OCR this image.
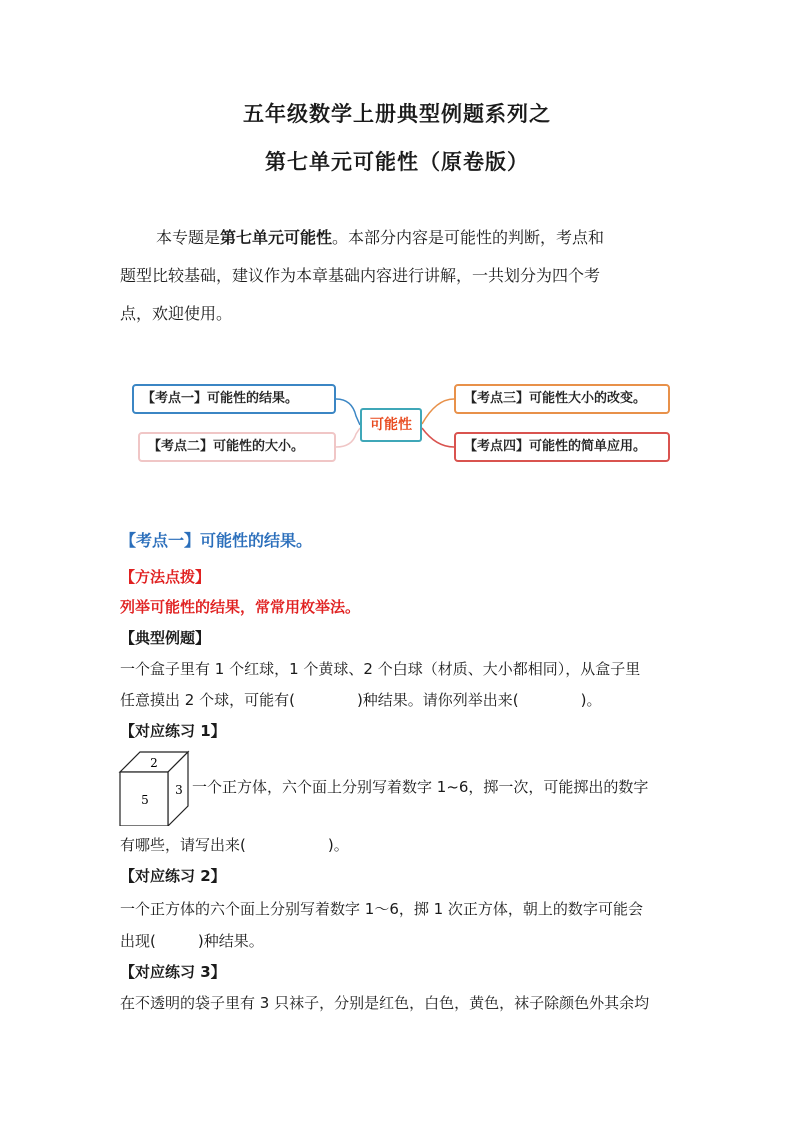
五年级数学上册典型例题系列之
第七单元可能性（原卷版）
本专题是第七单元可能性。本部分内容是可能性的判断，考点和
题型比较基础，建议作为本章基础内容进行讲解，一共划分为四个考
点，欢迎使用。
【考点一】可能性的结果。
【考点二】可能性的大小。
可能性
【考点三】可能性大小的改变。
【考点四】可能性的简单应用。
【考点一】可能性的结果。
【方法点拨】
列举可能性的结果，常常用枚举法。
【典型例题】
一个盒子里有 1 个红球，1 个黄球、2 个白球（材质、大小都相同），从盒子里
任意摸出 2 个球，可能有(	)种结果。请你列举出来(	)。
【对应练习 1】
2
5
3 一个正方体，六个面上分别写着数字 1~6，掷一次，可能掷出的数字
有哪些，请写出来(	)。
【对应练习 2】
一个正方体的六个面上分别写着数字 1～6，掷 1 次正方体，朝上的数字可能会
出现(	)种结果。
【对应练习 3】
在不透明的袋子里有 3 只袜子，分别是红色，白色，黄色，袜子除颜色外其余均
